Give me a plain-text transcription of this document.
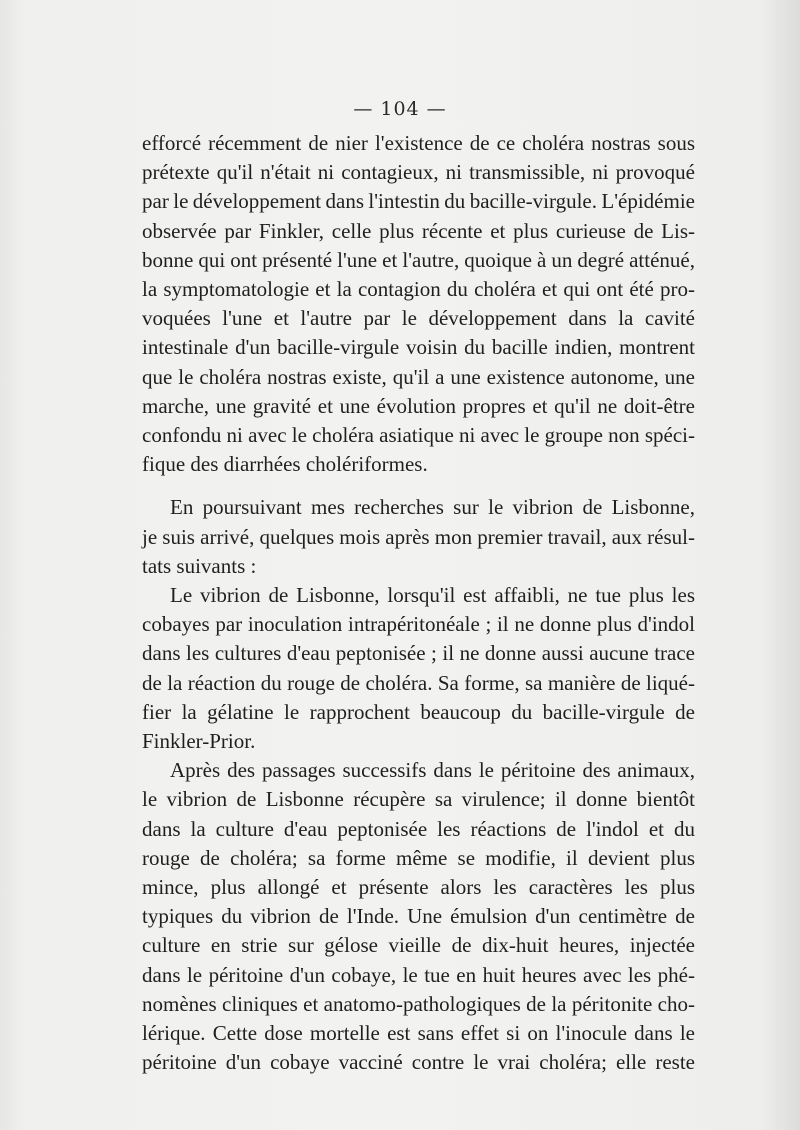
— 104 —
efforcé récemment de nier l'existence de ce choléra nostras sous
prétexte qu'il n'était ni contagieux, ni transmissible, ni provoqué
par le développement dans l'intestin du bacille-virgule. L'épidémie
observée par Finkler, celle plus récente et plus curieuse de Lis-
bonne qui ont présenté l'une et l'autre, quoique à un degré atténué,
la symptomatologie et la contagion du choléra et qui ont été pro-
voquées l'une et l'autre par le développement dans la cavité
intestinale d'un bacille-virgule voisin du bacille indien, montrent
que le choléra nostras existe, qu'il a une existence autonome, une
marche, une gravité et une évolution propres et qu'il ne doit-être
confondu ni avec le choléra asiatique ni avec le groupe non spéci-
fique des diarrhées cholériformes.
En poursuivant mes recherches sur le vibrion de Lisbonne,
je suis arrivé, quelques mois après mon premier travail, aux résul-
tats suivants :
Le vibrion de Lisbonne, lorsqu'il est affaibli, ne tue plus les
cobayes par inoculation intrapéritonéale ; il ne donne plus d'indol
dans les cultures d'eau peptonisée ; il ne donne aussi aucune trace
de la réaction du rouge de choléra. Sa forme, sa manière de liqué-
fier la gélatine le rapprochent beaucoup du bacille-virgule de
Finkler-Prior.
Après des passages successifs dans le péritoine des animaux,
le vibrion de Lisbonne récupère sa virulence; il donne bientôt
dans la culture d'eau peptonisée les réactions de l'indol et du
rouge de choléra; sa forme même se modifie, il devient plus
mince, plus allongé et présente alors les caractères les plus
typiques du vibrion de l'Inde. Une émulsion d'un centimètre de
culture en strie sur gélose vieille de dix-huit heures, injectée
dans le péritoine d'un cobaye, le tue en huit heures avec les phé-
nomènes cliniques et anatomo-pathologiques de la péritonite cho-
lérique. Cette dose mortelle est sans effet si on l'inocule dans le
péritoine d'un cobaye vacciné contre le vrai choléra; elle reste
